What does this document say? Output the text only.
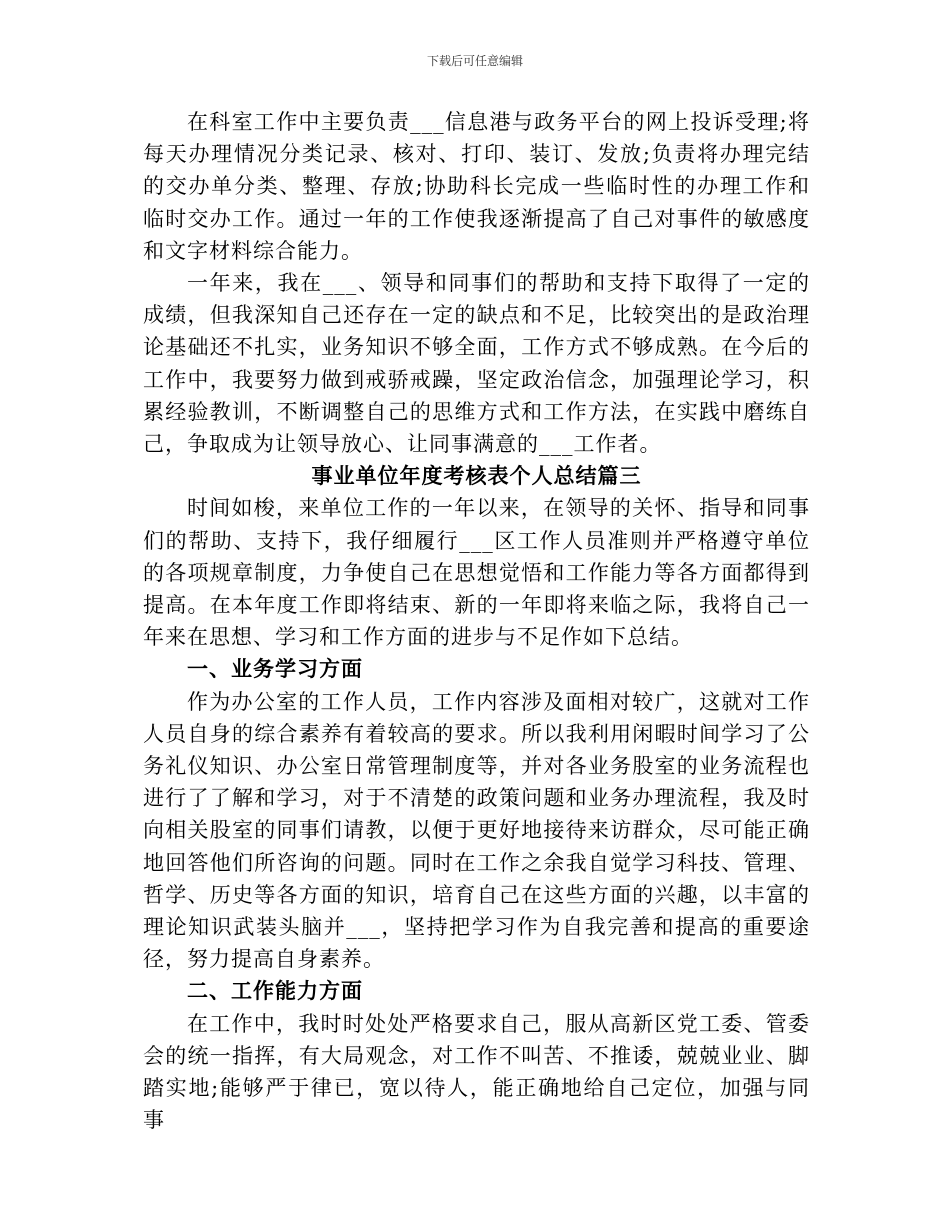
下载后可任意编辑

在科室工作中主要负责___信息港与政务平台的网上投诉受理;将每天办理情况分类记录、核对、打印、装订、发放;负责将办理完结的交办单分类、整理、存放;协助科长完成一些临时性的办理工作和临时交办工作。通过一年的工作使我逐渐提高了自己对事件的敏感度和文字材料综合能力。

一年来，我在___、领导和同事们的帮助和支持下取得了一定的成绩，但我深知自己还存在一定的缺点和不足，比较突出的是政治理论基础还不扎实，业务知识不够全面，工作方式不够成熟。在今后的工作中，我要努力做到戒骄戒躁，坚定政治信念，加强理论学习，积累经验教训，不断调整自己的思维方式和工作方法，在实践中磨练自己，争取成为让领导放心、让同事满意的___工作者。

事业单位年度考核表个人总结篇三

时间如梭，来单位工作的一年以来，在领导的关怀、指导和同事们的帮助、支持下，我仔细履行___区工作人员准则并严格遵守单位的各项规章制度，力争使自己在思想觉悟和工作能力等各方面都得到提高。在本年度工作即将结束、新的一年即将来临之际，我将自己一年来在思想、学习和工作方面的进步与不足作如下总结。

一、业务学习方面

作为办公室的工作人员，工作内容涉及面相对较广，这就对工作人员自身的综合素养有着较高的要求。所以我利用闲暇时间学习了公务礼仪知识、办公室日常管理制度等，并对各业务股室的业务流程也进行了了解和学习，对于不清楚的政策问题和业务办理流程，我及时向相关股室的同事们请教，以便于更好地接待来访群众，尽可能正确地回答他们所咨询的问题。同时在工作之余我自觉学习科技、管理、哲学、历史等各方面的知识，培育自己在这些方面的兴趣，以丰富的理论知识武装头脑并___，坚持把学习作为自我完善和提高的重要途径，努力提高自身素养。

二、工作能力方面

在工作中，我时时处处严格要求自己，服从高新区党工委、管委会的统一指挥，有大局观念，对工作不叫苦、不推诿，兢兢业业、脚踏实地;能够严于律已，宽以待人，能正确地给自己定位，加强与同事
